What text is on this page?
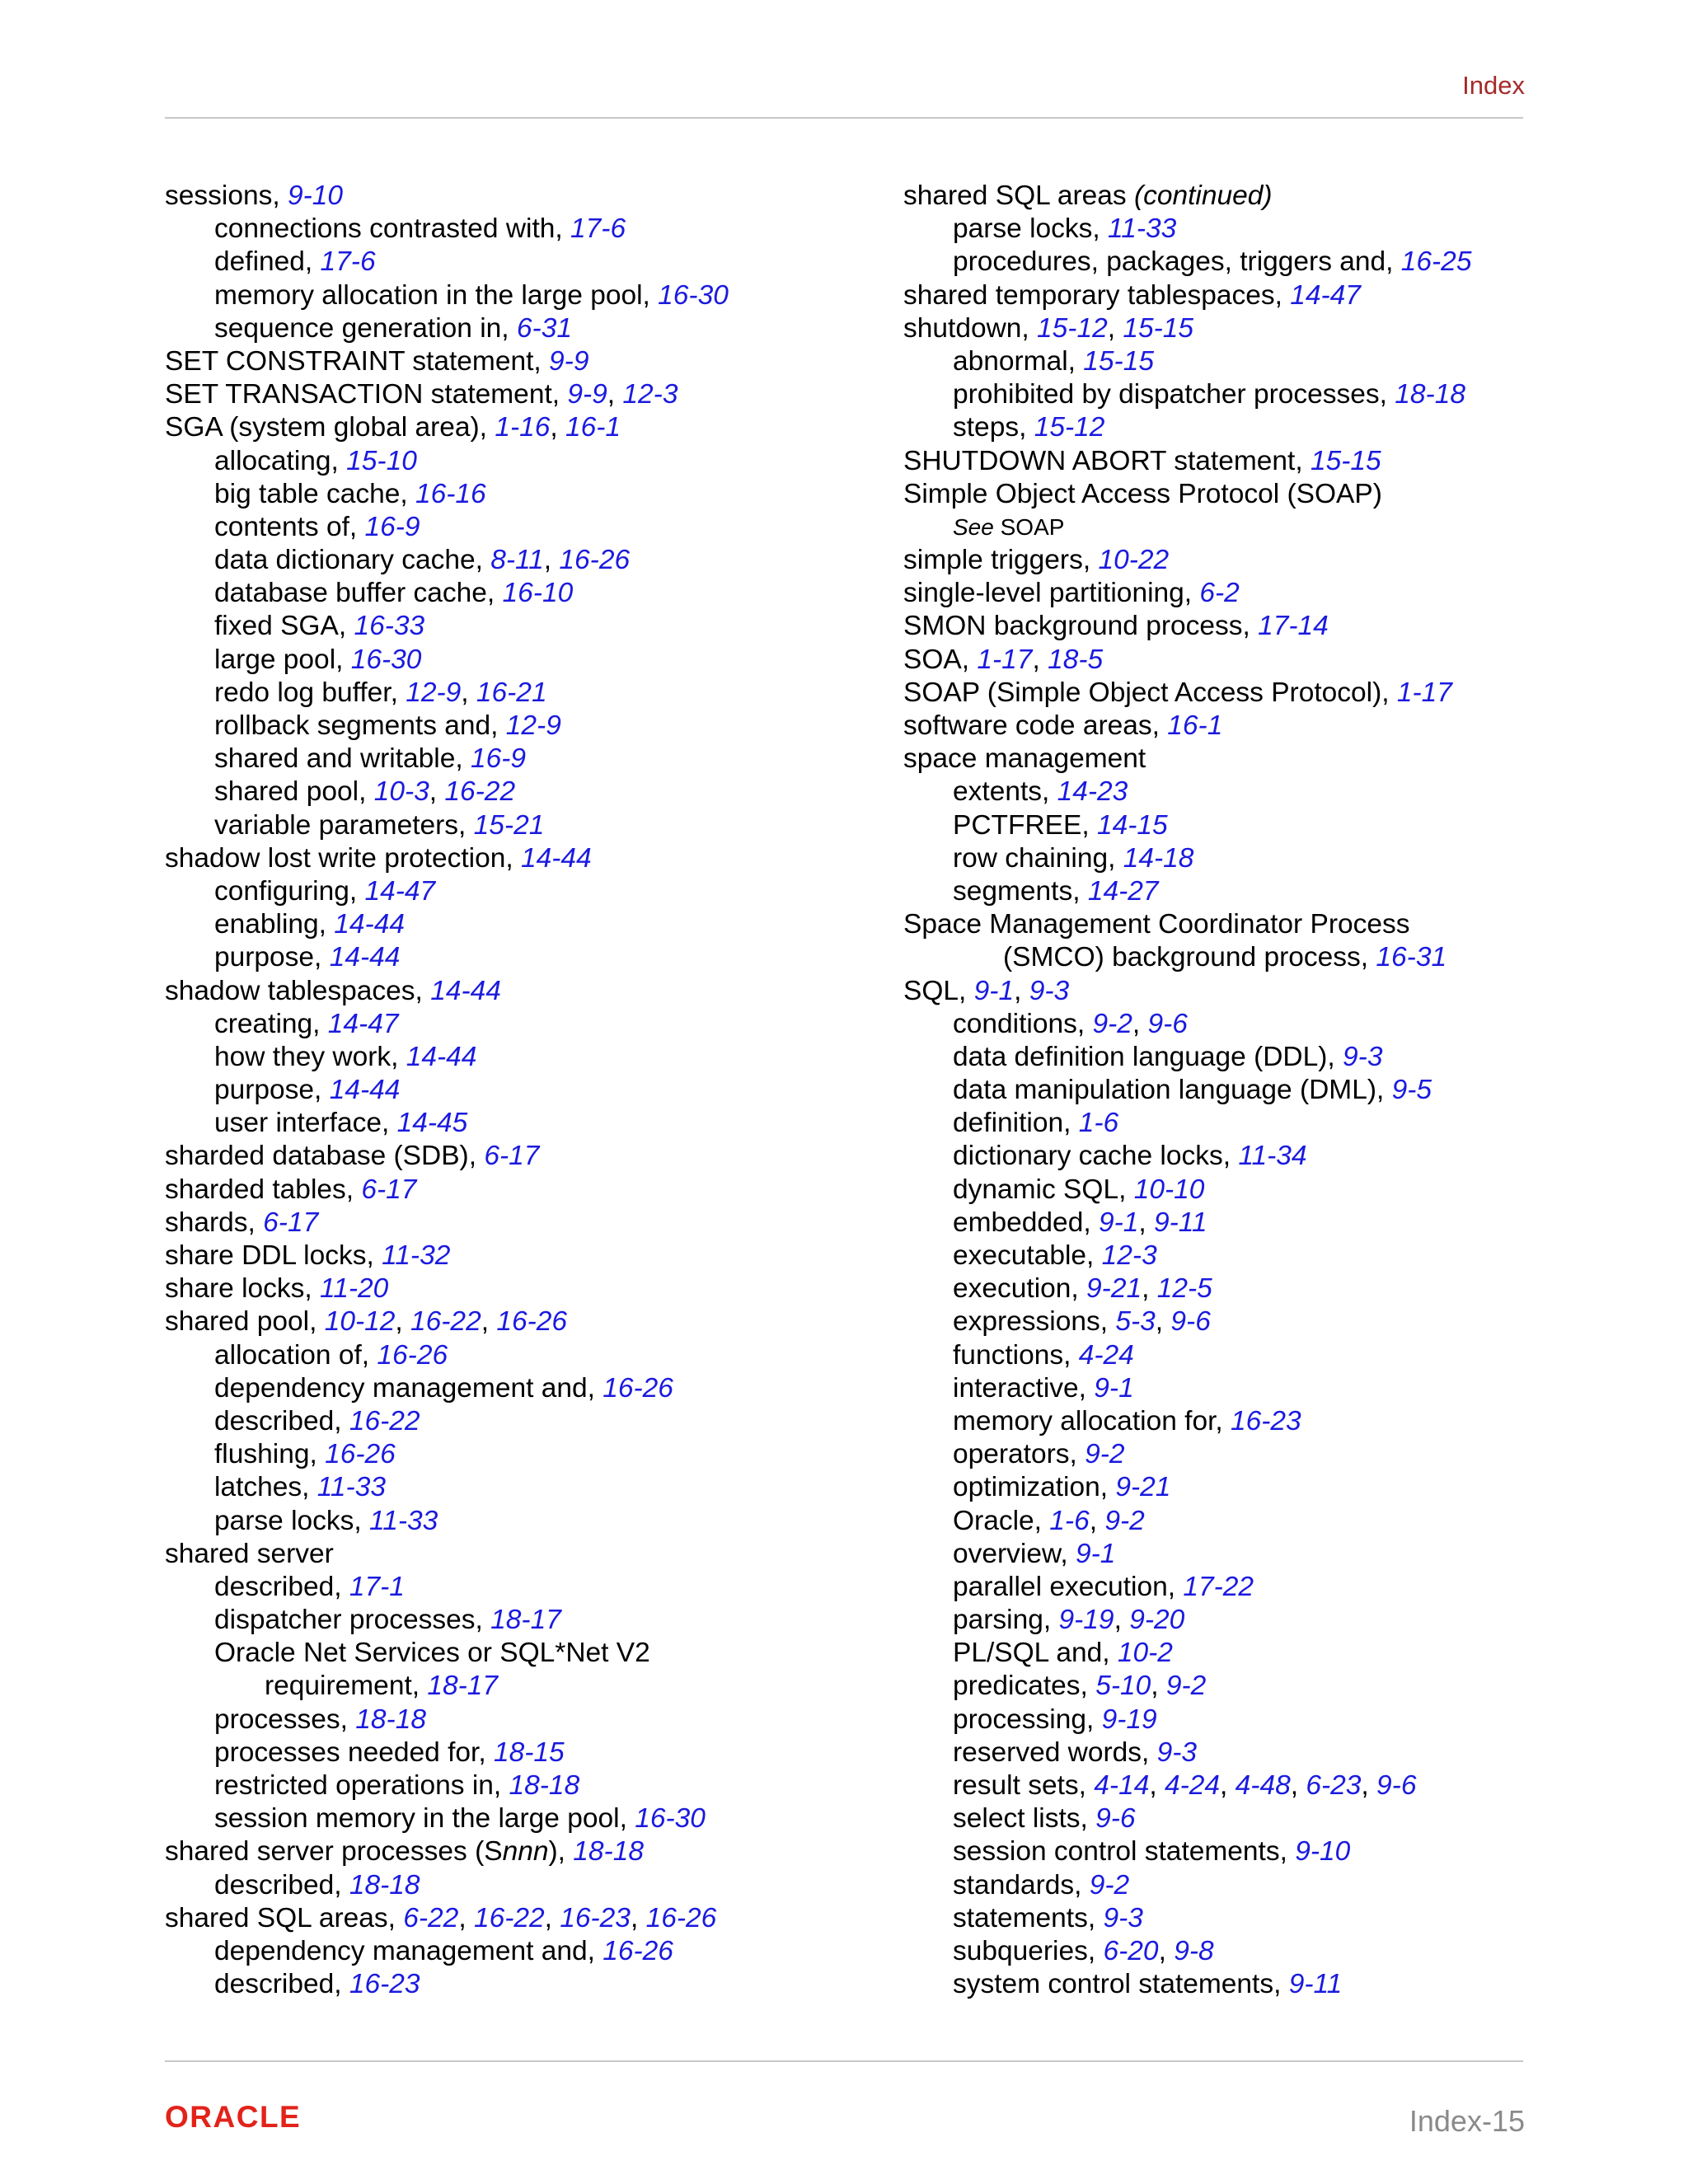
Index
sessions, 9-10
connections contrasted with, 17-6
defined, 17-6
memory allocation in the large pool, 16-30
sequence generation in, 6-31
SET CONSTRAINT statement, 9-9
SET TRANSACTION statement, 9-9, 12-3
SGA (system global area), 1-16, 16-1
allocating, 15-10
big table cache, 16-16
contents of, 16-9
data dictionary cache, 8-11, 16-26
database buffer cache, 16-10
fixed SGA, 16-33
large pool, 16-30
redo log buffer, 12-9, 16-21
rollback segments and, 12-9
shared and writable, 16-9
shared pool, 10-3, 16-22
variable parameters, 15-21
shadow lost write protection, 14-44
configuring, 14-47
enabling, 14-44
purpose, 14-44
shadow tablespaces, 14-44
creating, 14-47
how they work, 14-44
purpose, 14-44
user interface, 14-45
sharded database (SDB), 6-17
sharded tables, 6-17
shards, 6-17
share DDL locks, 11-32
share locks, 11-20
shared pool, 10-12, 16-22, 16-26
allocation of, 16-26
dependency management and, 16-26
described, 16-22
flushing, 16-26
latches, 11-33
parse locks, 11-33
shared server
described, 17-1
dispatcher processes, 18-17
Oracle Net Services or SQL*Net V2
requirement, 18-17
processes, 18-18
processes needed for, 18-15
restricted operations in, 18-18
session memory in the large pool, 16-30
shared server processes (Snnn), 18-18
described, 18-18
shared SQL areas, 6-22, 16-22, 16-23, 16-26
dependency management and, 16-26
described, 16-23
shared SQL areas (continued)
parse locks, 11-33
procedures, packages, triggers and, 16-25
shared temporary tablespaces, 14-47
shutdown, 15-12, 15-15
abnormal, 15-15
prohibited by dispatcher processes, 18-18
steps, 15-12
SHUTDOWN ABORT statement, 15-15
Simple Object Access Protocol (SOAP)
See SOAP
simple triggers, 10-22
single-level partitioning, 6-2
SMON background process, 17-14
SOA, 1-17, 18-5
SOAP (Simple Object Access Protocol), 1-17
software code areas, 16-1
space management
extents, 14-23
PCTFREE, 14-15
row chaining, 14-18
segments, 14-27
Space Management Coordinator Process
(SMCO) background process, 16-31
SQL, 9-1, 9-3
conditions, 9-2, 9-6
data definition language (DDL), 9-3
data manipulation language (DML), 9-5
definition, 1-6
dictionary cache locks, 11-34
dynamic SQL, 10-10
embedded, 9-1, 9-11
executable, 12-3
execution, 9-21, 12-5
expressions, 5-3, 9-6
functions, 4-24
interactive, 9-1
memory allocation for, 16-23
operators, 9-2
optimization, 9-21
Oracle, 1-6, 9-2
overview, 9-1
parallel execution, 17-22
parsing, 9-19, 9-20
PL/SQL and, 10-2
predicates, 5-10, 9-2
processing, 9-19
reserved words, 9-3
result sets, 4-14, 4-24, 4-48, 6-23, 9-6
select lists, 9-6
session control statements, 9-10
standards, 9-2
statements, 9-3
subqueries, 6-20, 9-8
system control statements, 9-11
ORACLE	Index-15
